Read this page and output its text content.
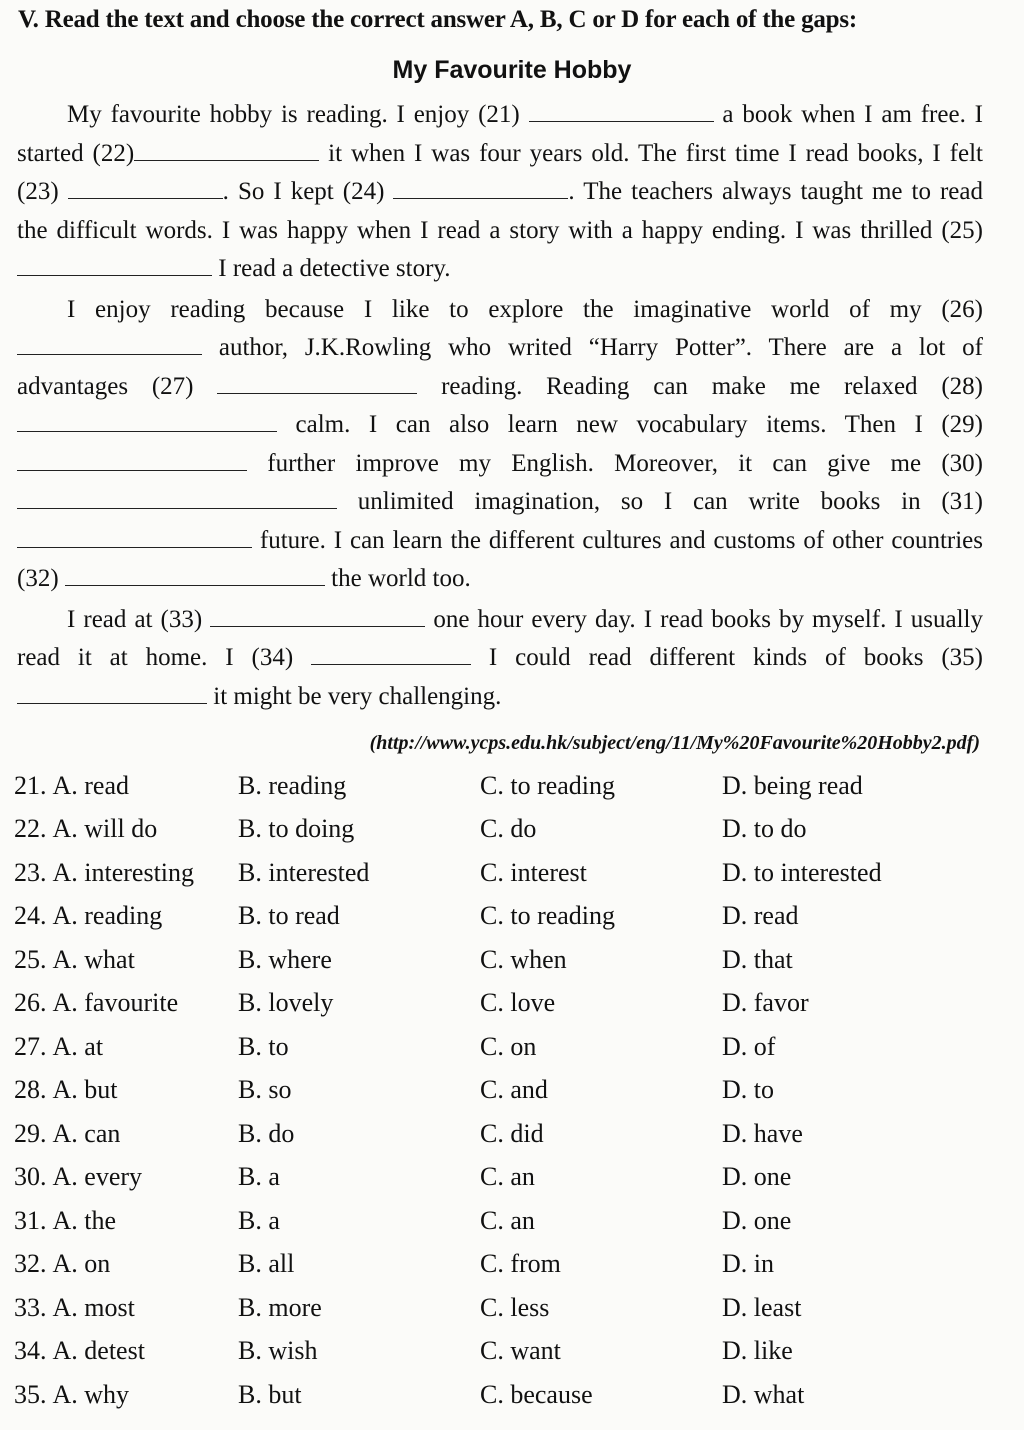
V. Read the text and choose the correct answer A, B, C or D for each of the gaps:
My Favourite Hobby

My favourite hobby is reading. I enjoy (21)	a book when I am free. I started (22)	it when I was four years old. The first time I read books, I felt (23)	. So I kept (24)	. The teachers always taught me to read the difficult words. I was happy when I read a story with a happy ending. I was thrilled (25)  I read a detective story.

I enjoy reading because I like to explore the imaginative world of my (26)  author, J.K.Rowling who writed “Harry Potter”. There are a lot of advantages (27)	reading. Reading can make me relaxed (28)  calm. I can also learn new vocabulary items. Then I (29)  further improve my English. Moreover, it can give me (30)  unlimited imagination, so I can write books in (31)  future. I can learn the different cultures and customs of other countries (32)	the world too.

I read at (33)	one hour every day. I read books by myself. I usually read it at home. I (34)	I could read different kinds of books (35)  it might be very challenging.

(http://www.ycps.edu.hk/subject/eng/11/My%20Favourite%20Hobby2.pdf)
21. A. read	B. reading	C. to reading	D. being read
22. A. will do	B. to doing	C. do	D. to do
23. A. interesting B. interested	C. interest	D. to interested
24. A. reading	B. to read	C. to reading	D. read
25. A. what	B. where	C. when	D. that
26. A. favourite B. lovely	C. love	D. favor
27. A. at	B. to	C. on	D. of
28. A. but	B. so	C. and	D. to
29. A. can	B. do	C. did	D. have
30. A. every	B. a	C. an	D. one
31. A. the	B. a	C. an	D. one
32. A. on	B. all	C. from	D. in
33. A. most	B. more	C. less	D. least
34. A. detest	B. wish	C. want	D. like
35. A. why	B. but	C. because	D. what
